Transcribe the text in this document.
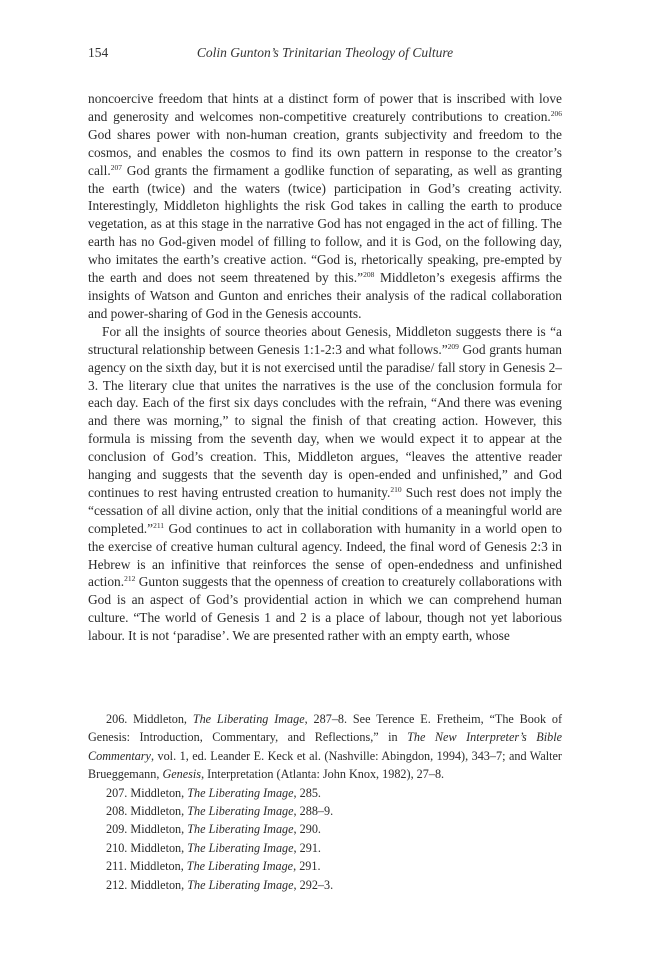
154	Colin Gunton’s Trinitarian Theology of Culture

noncoercive freedom that hints at a distinct form of power that is inscribed with love and generosity and welcomes non-competitive creaturely contributions to creation.$^{206}$ God shares power with non-human creation, grants subjectivity and freedom to the cosmos, and enables the cosmos to find its own pattern in response to the creator’s call.$^{207}$ God grants the firmament a godlike function of separating, as well as granting the earth (twice) and the waters (twice) participation in God’s creating activity. Interestingly, Middleton highlights the risk God takes in calling the earth to produce vegetation, as at this stage in the narrative God has not engaged in the act of filling. The earth has no God-given model of filling to follow, and it is God, on the following day, who imitates the earth’s creative action. “God is, rhetorically speaking, pre-empted by the earth and does not seem threatened by this.”$^{208}$ Middleton’s exegesis affirms the insights of Watson and Gunton and enriches their analysis of the radical collaboration and power-sharing of God in the Genesis accounts.

For all the insights of source theories about Genesis, Middleton suggests there is “a structural relationship between Genesis 1:1-2:3 and what follows.”$^{209}$ God grants human agency on the sixth day, but it is not exercised until the paradise/ fall story in Genesis 2–3. The literary clue that unites the narratives is the use of the conclusion formula for each day. Each of the first six days concludes with the refrain, “And there was evening and there was morning,” to signal the finish of that creating action. However, this formula is missing from the seventh day, when we would expect it to appear at the conclusion of God’s creation. This, Middleton argues, “leaves the attentive reader hanging and suggests that the seventh day is open-ended and unfinished,” and God continues to rest having entrusted creation to humanity.$^{210}$ Such rest does not imply the “cessation of all divine action, only that the initial conditions of a meaningful world are completed.”$^{211}$ God continues to act in collaboration with humanity in a world open to the exercise of creative human cultural agency. Indeed, the final word of Genesis 2:3 in Hebrew is an infinitive that reinforces the sense of open-endedness and unfinished action.$^{212}$ Gunton suggests that the openness of creation to creaturely collaborations with God is an aspect of God’s providential action in which we can comprehend human culture. “The world of Genesis 1 and 2 is a place of labour, though not yet laborious labour. It is not ‘paradise’. We are presented rather with an empty earth, whose

206. Middleton, The Liberating Image, 287–8. See Terence E. Fretheim, “The Book of Genesis: Introduction, Commentary, and Reflections,” in The New Interpreter’s Bible Commentary, vol. 1, ed. Leander E. Keck et al. (Nashville: Abingdon, 1994), 343–7; and Walter Brueggemann, Genesis, Interpretation (Atlanta: John Knox, 1982), 27–8.

207. Middleton, The Liberating Image, 285.

208. Middleton, The Liberating Image, 288–9.

209. Middleton, The Liberating Image, 290.

210. Middleton, The Liberating Image, 291.

211. Middleton, The Liberating Image, 291.

212. Middleton, The Liberating Image, 292–3.
